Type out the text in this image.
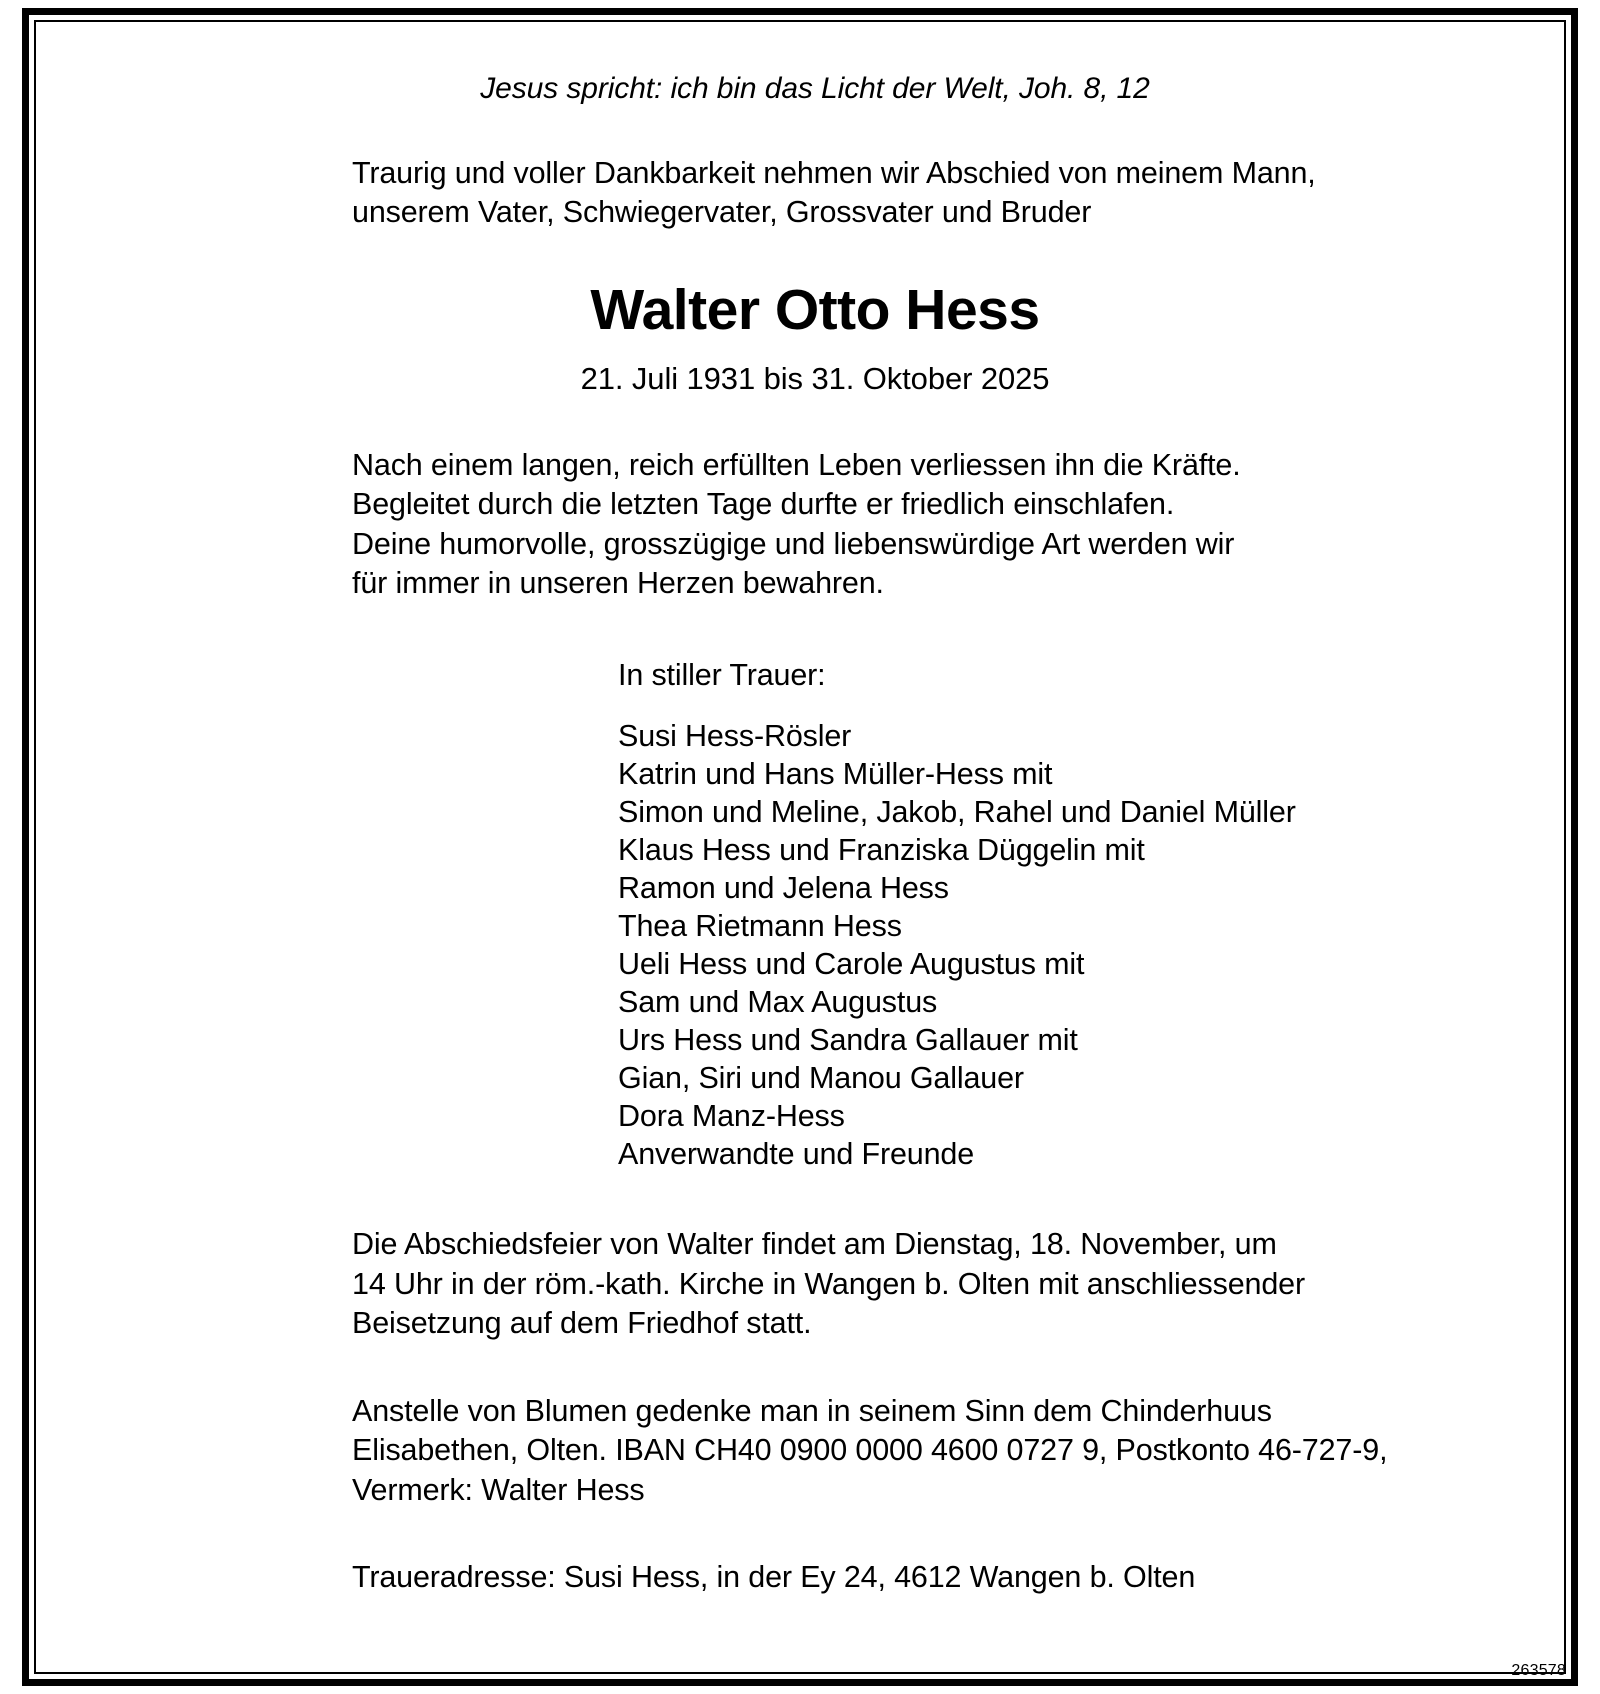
Jesus spricht: ich bin das Licht der Welt, Joh. 8, 12
Traurig und voller Dankbarkeit nehmen wir Abschied von meinem Mann,
unserem Vater, Schwiegervater, Grossvater und Bruder
Walter Otto Hess
21. Juli 1931 bis 31. Oktober 2025
Nach einem langen, reich erfüllten Leben verliessen ihn die Kräfte.
Begleitet durch die letzten Tage durfte er friedlich einschlafen.
Deine humorvolle, grosszügige und liebenswürdige Art werden wir
für immer in unseren Herzen bewahren.
In stiller Trauer:
Susi Hess-Rösler
Katrin und Hans Müller-Hess mit
Simon und Meline, Jakob, Rahel und Daniel Müller
Klaus Hess und Franziska Düggelin mit
Ramon und Jelena Hess
Thea Rietmann Hess
Ueli Hess und Carole Augustus mit
Sam und Max Augustus
Urs Hess und Sandra Gallauer mit
Gian, Siri und Manou Gallauer
Dora Manz-Hess
Anverwandte und Freunde
Die Abschiedsfeier von Walter findet am Dienstag, 18. November, um
14 Uhr in der röm.-kath. Kirche in Wangen b. Olten mit anschliessender
Beisetzung auf dem Friedhof statt.
Anstelle von Blumen gedenke man in seinem Sinn dem Chinderhuus
Elisabethen, Olten. IBAN CH40 0900 0000 4600 0727 9, Postkonto 46-727-9,
Vermerk: Walter Hess
Traueradresse: Susi Hess, in der Ey 24, 4612 Wangen b. Olten
263578
